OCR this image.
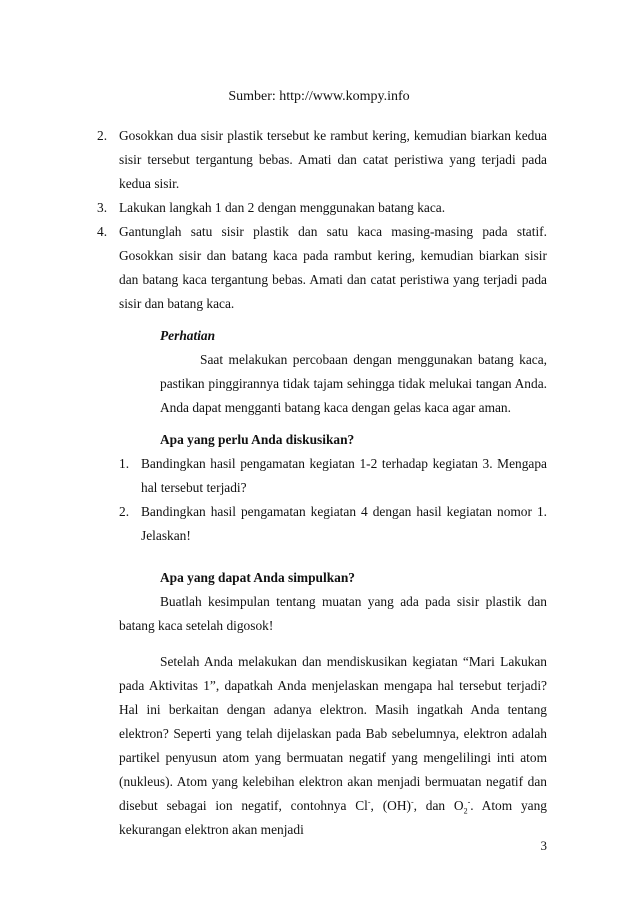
Sumber: http://www.kompy.info
2. Gosokkan dua sisir plastik tersebut ke rambut kering, kemudian biarkan kedua sisir tersebut tergantung bebas. Amati dan catat peristiwa yang terjadi pada kedua sisir.
3. Lakukan langkah 1 dan 2 dengan menggunakan batang kaca.
4. Gantunglah satu sisir plastik dan satu kaca masing-masing pada statif. Gosokkan sisir dan batang kaca pada rambut kering, kemudian biarkan sisir dan batang kaca tergantung bebas. Amati dan catat peristiwa yang terjadi pada sisir dan batang kaca.
Perhatian
Saat melakukan percobaan dengan menggunakan batang kaca, pastikan pinggirannya tidak tajam sehingga tidak melukai tangan Anda. Anda dapat mengganti batang kaca dengan gelas kaca agar aman.
Apa yang perlu Anda diskusikan?
1. Bandingkan hasil pengamatan kegiatan 1-2 terhadap kegiatan 3. Mengapa hal tersebut terjadi?
2. Bandingkan hasil pengamatan kegiatan 4 dengan hasil kegiatan nomor 1. Jelaskan!
Apa yang dapat Anda simpulkan?
Buatlah kesimpulan tentang muatan yang ada pada sisir plastik dan batang kaca setelah digosok!
Setelah Anda melakukan dan mendiskusikan kegiatan “Mari Lakukan pada Aktivitas 1”, dapatkah Anda menjelaskan mengapa hal tersebut terjadi? Hal ini berkaitan dengan adanya elektron. Masih ingatkah Anda tentang elektron? Seperti yang telah dijelaskan pada Bab sebelumnya, elektron adalah partikel penyusun atom yang bermuatan negatif yang mengelilingi inti atom (nukleus). Atom yang kelebihan elektron akan menjadi bermuatan negatif dan disebut sebagai ion negatif, contohnya Cl-, (OH)-, dan $O_2^-$. Atom yang kekurangan elektron akan menjadi
3
